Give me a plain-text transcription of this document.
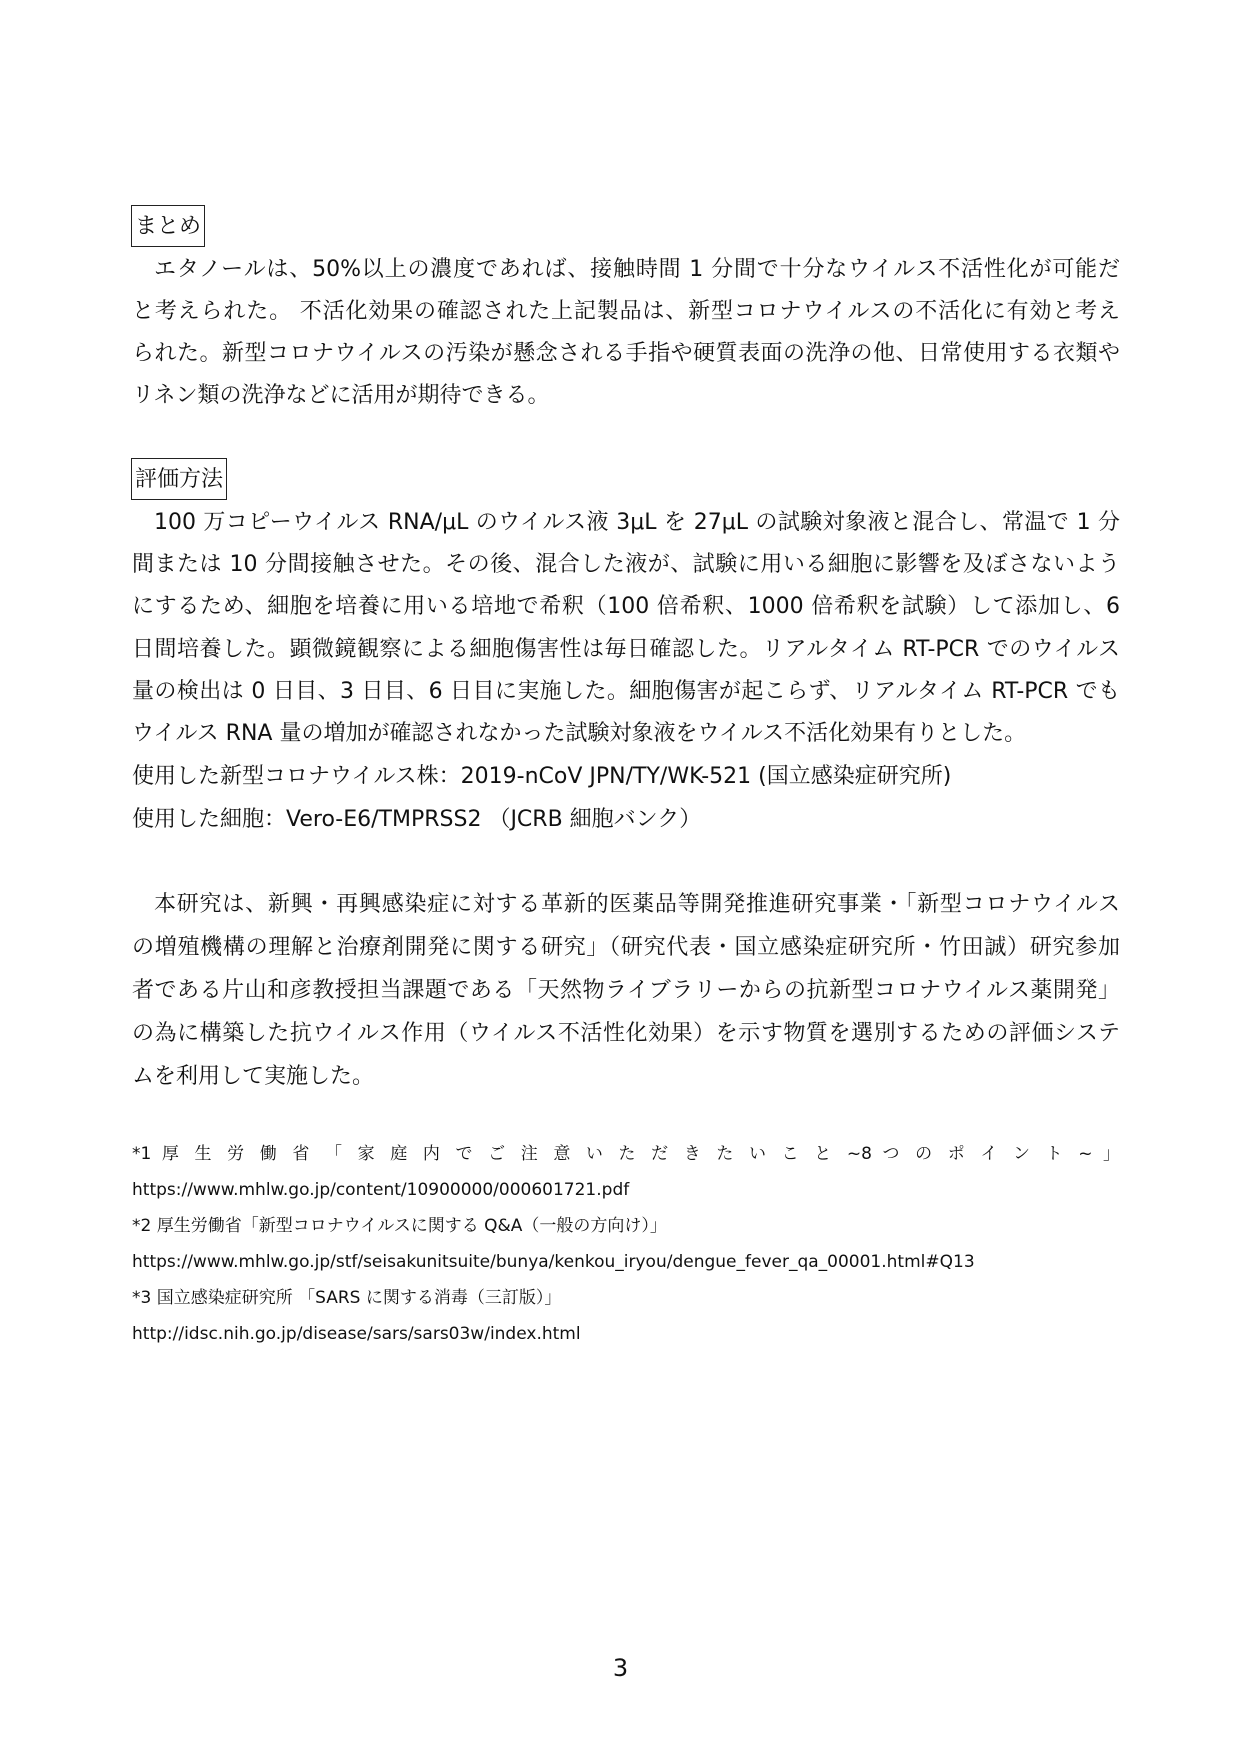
まとめ
エタノールは、50%以上の濃度であれば、接触時間 1 分間で十分なウイルス不活性化が可能だ
と考えられた。 不活化効果の確認された上記製品は、新型コロナウイルスの不活化に有効と考え
られた。新型コロナウイルスの汚染が懸念される手指や硬質表面の洗浄の他、日常使用する衣類や
リネン類の洗浄などに活用が期待できる。
評価方法
100 万コピーウイルス RNA/μL のウイルス液 3μL を 27μL の試験対象液と混合し、常温で 1 分
間または 10 分間接触させた。その後、混合した液が、試験に用いる細胞に影響を及ぼさないよう
にするため、細胞を培養に用いる培地で希釈（100 倍希釈、1000 倍希釈を試験）して添加し、6
日間培養した。顕微鏡観察による細胞傷害性は毎日確認した。リアルタイム RT-PCR でのウイルス
量の検出は 0 日目、3 日目、6 日目に実施した。細胞傷害が起こらず、リアルタイム RT-PCR でも
ウイルス RNA 量の増加が確認されなかった試験対象液をウイルス不活化効果有りとした。
使用した新型コロナウイルス株：2019-nCoV JPN/TY/WK-521 (国立感染症研究所)
使用した細胞：Vero-E6/TMPRSS2 （JCRB 細胞バンク）
本研究は、新興・再興感染症に対する革新的医薬品等開発推進研究事業・「新型コロナウイルス
の増殖機構の理解と治療剤開発に関する研究」（研究代表・国立感染症研究所・竹田誠）研究参加
者である片山和彦教授担当課題である「天然物ライブラリーからの抗新型コロナウイルス薬開発」
の為に構築した抗ウイルス作用（ウイルス不活性化効果）を示す物質を選別するための評価システ
ムを利用して実施した。
*1 厚 生 労 働 省 「 家 庭 内 で ご 注 意 い た だ き た い こ と ~8 つ の ポ イ ン ト ~ 」
https://www.mhlw.go.jp/content/10900000/000601721.pdf
*2 厚生労働省「新型コロナウイルスに関する Q&A（一般の方向け）」
https://www.mhlw.go.jp/stf/seisakunitsuite/bunya/kenkou_iryou/dengue_fever_qa_00001.html#Q13
*3 国立感染症研究所 「SARS に関する消毒（三訂版）」
http://idsc.nih.go.jp/disease/sars/sars03w/index.html
3
